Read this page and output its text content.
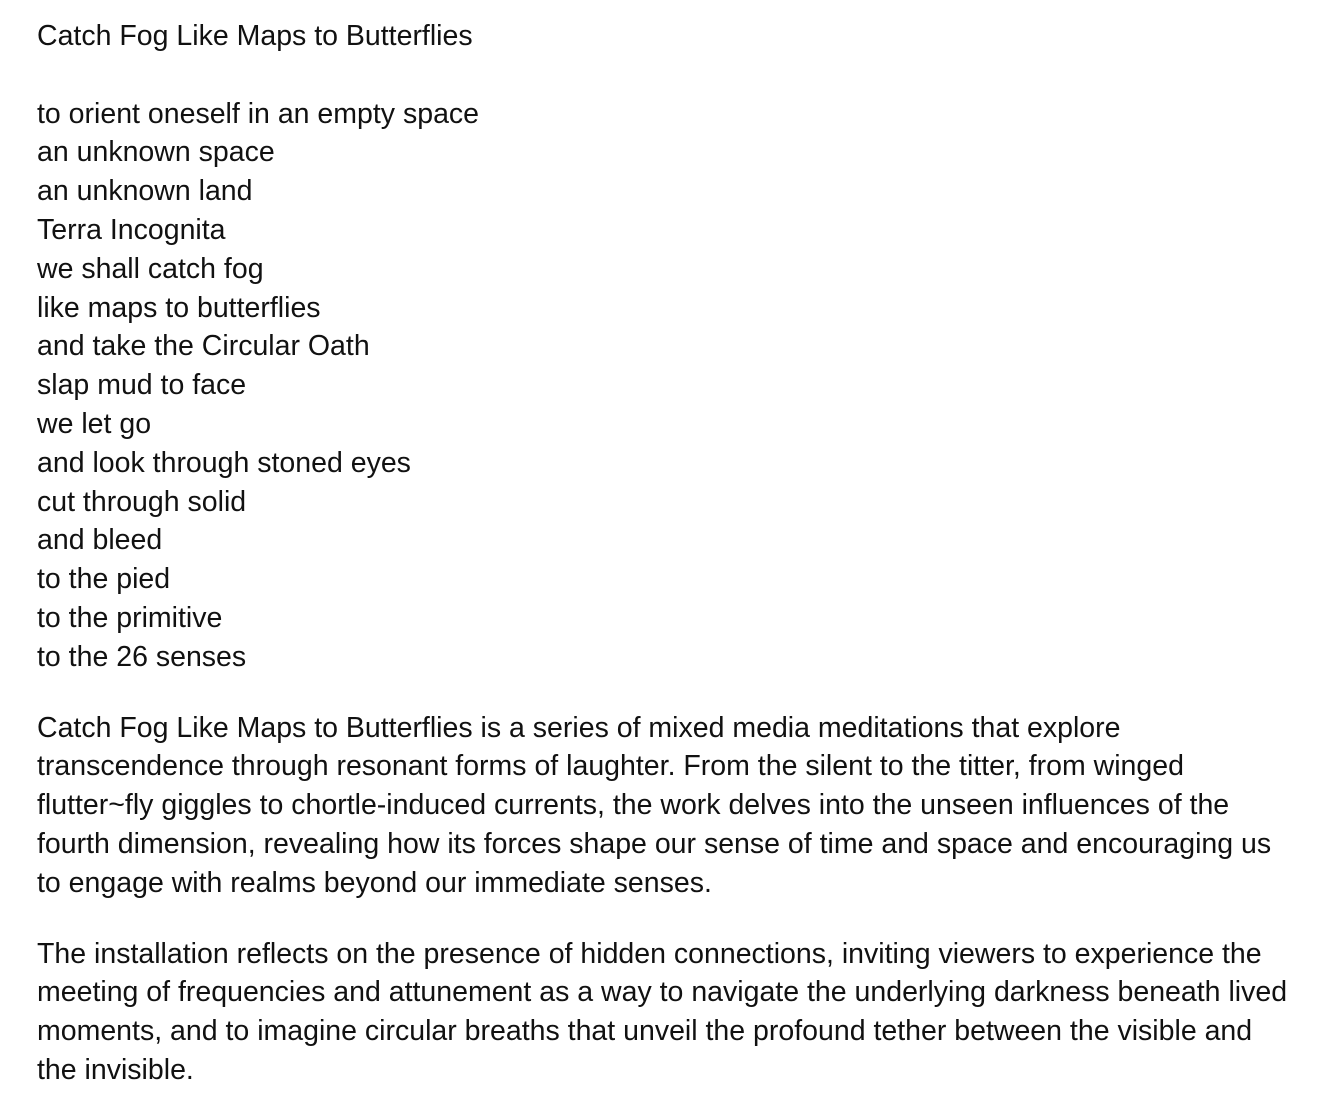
Catch Fog Like Maps to Butterflies
to orient oneself in an empty space
an unknown space
an unknown land
Terra Incognita
we shall catch fog
like maps to butterflies
and take the Circular Oath
slap mud to face
we let go
and look through stoned eyes
cut through solid
and bleed
to the pied
to the primitive
to the 26 senses

Catch Fog Like Maps to Butterflies is a series of mixed media meditations that explore transcendence through resonant forms of laughter. From the silent to the titter, from winged flutter~fly giggles to chortle-induced currents, the work delves into the unseen influences of the fourth dimension, revealing how its forces shape our sense of time and space and encouraging us to engage with realms beyond our immediate senses.

The installation reflects on the presence of hidden connections, inviting viewers to experience the meeting of frequencies and attunement as a way to navigate the underlying darkness beneath lived moments, and to imagine circular breaths that unveil the profound tether between the visible and the invisible.
